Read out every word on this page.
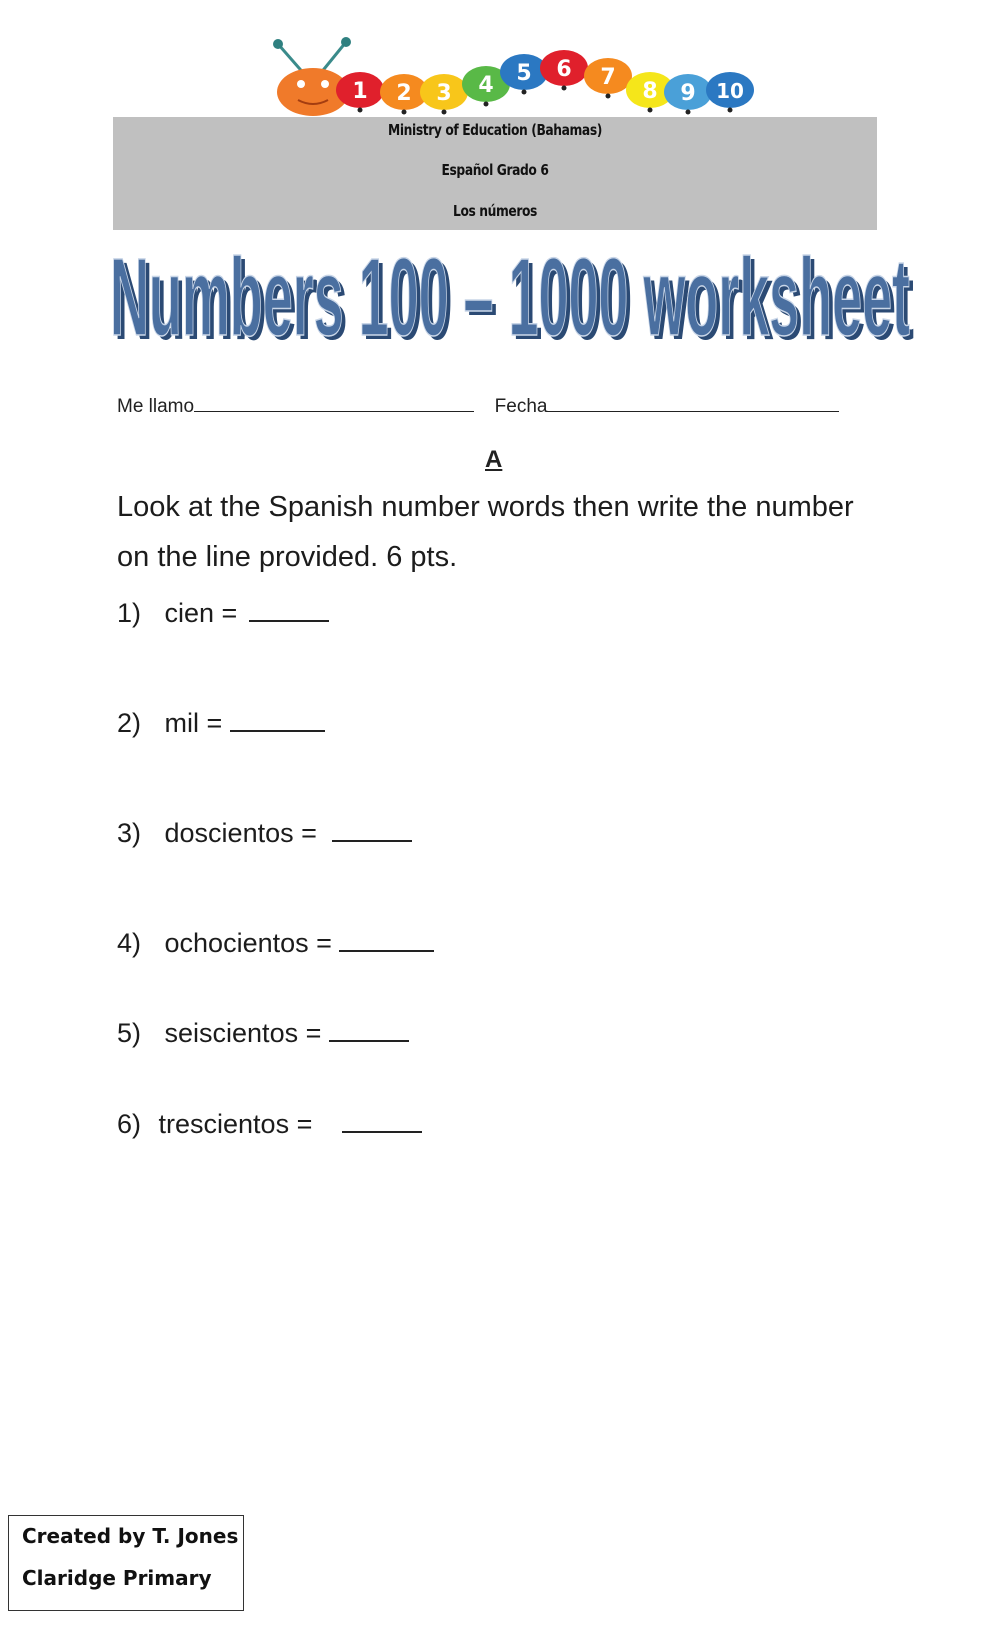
1 2 3 4 5 6 7
8 9 10
Ministry of Education (Bahamas)
Español Grado 6
Los números
Numbers 100 – 1000 worksheet
Numbers 100 – 1000 worksheet
Me llamo	Fecha
A
Look at the Spanish number words then write the number on the line provided. 6 pts.
1) cien =
2) mil =
3) doscientos =
4) ochocientos =
5) seiscientos =
6) trescientos =
Created by T. Jones
Claridge Primary
